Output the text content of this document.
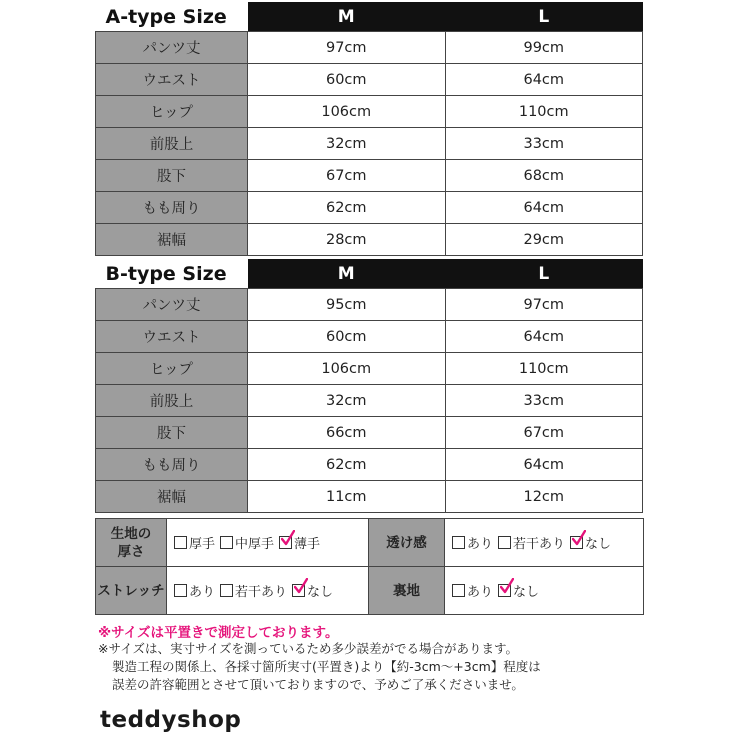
A-type Size	M	L
パンツ丈	97cm	99cm
ウエスト	60cm	64cm
ヒップ	106cm	110cm
前股上	32cm	33cm
股下	67cm	68cm
もも周り	62cm	64cm
裾幅	28cm	29cm
B-type Size	M	L
パンツ丈	95cm	97cm
ウエスト	60cm	64cm
ヒップ	106cm	110cm
前股上	32cm	33cm
股下	66cm	67cm
もも周り	62cm	64cm
裾幅	11cm	12cm
生地の
厚さ	厚手 中厚手 薄手	透け感	あり 若干あり なし
ストレッチ	あり 若干あり なし	裏地	あり なし
※サイズは平置きで測定しております。
※サイズは、実寸サイズを測っているため多少誤差がでる場合があります。
製造工程の関係上、各採寸箇所実寸(平置き)より【約-3cm〜+3cm】程度は
誤差の許容範囲とさせて頂いておりますので、予めご了承くださいませ。
teddyshop
